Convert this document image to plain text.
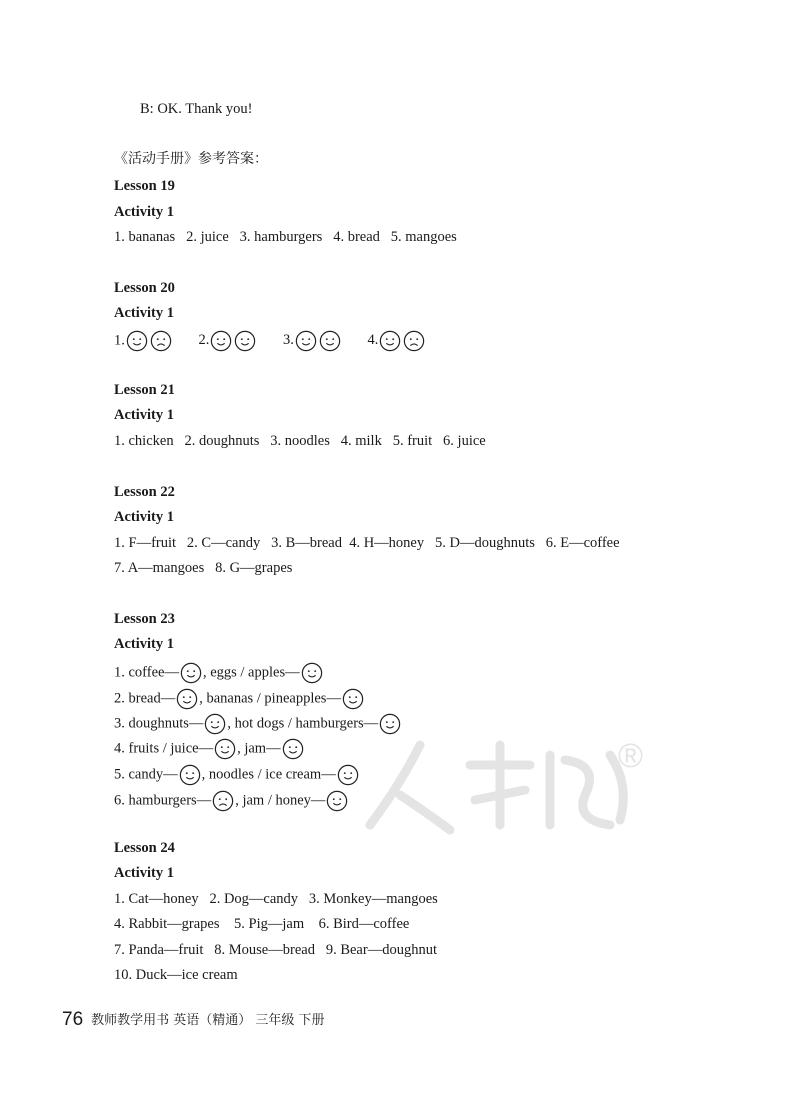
®
B: OK. Thank you!
《活动手册》参考答案：
Lesson 19
Activity 1
1. bananas   2. juice   3. hamburgers   4. bread   5. mangoes
Lesson 20
Activity 1
1.	2.	3.	4.
Lesson 21
Activity 1
1. chicken   2. doughnuts   3. noodles   4. milk   5. fruit   6. juice
Lesson 22
Activity 1
1. F—fruit   2. C—candy   3. B—bread  4. H—honey   5. D—doughnuts   6. E—coffee
7. A—mangoes   8. G—grapes
Lesson 23
Activity 1
1. coffee— , eggs / apples—
2. bread— , bananas / pineapples—
3. doughnuts— , hot dogs / hamburgers—
4. fruits / juice— , jam—
5. candy— , noodles / ice cream—
6. hamburgers— , jam / honey—
Lesson 24
Activity 1
1. Cat—honey   2. Dog—candy   3. Monkey—mangoes
4. Rabbit—grapes    5. Pig—jam    6. Bird—coffee
7. Panda—fruit   8. Mouse—bread   9. Bear—doughnut
10. Duck—ice cream
76 教师教学用书 英语（精通） 三年级 下册
